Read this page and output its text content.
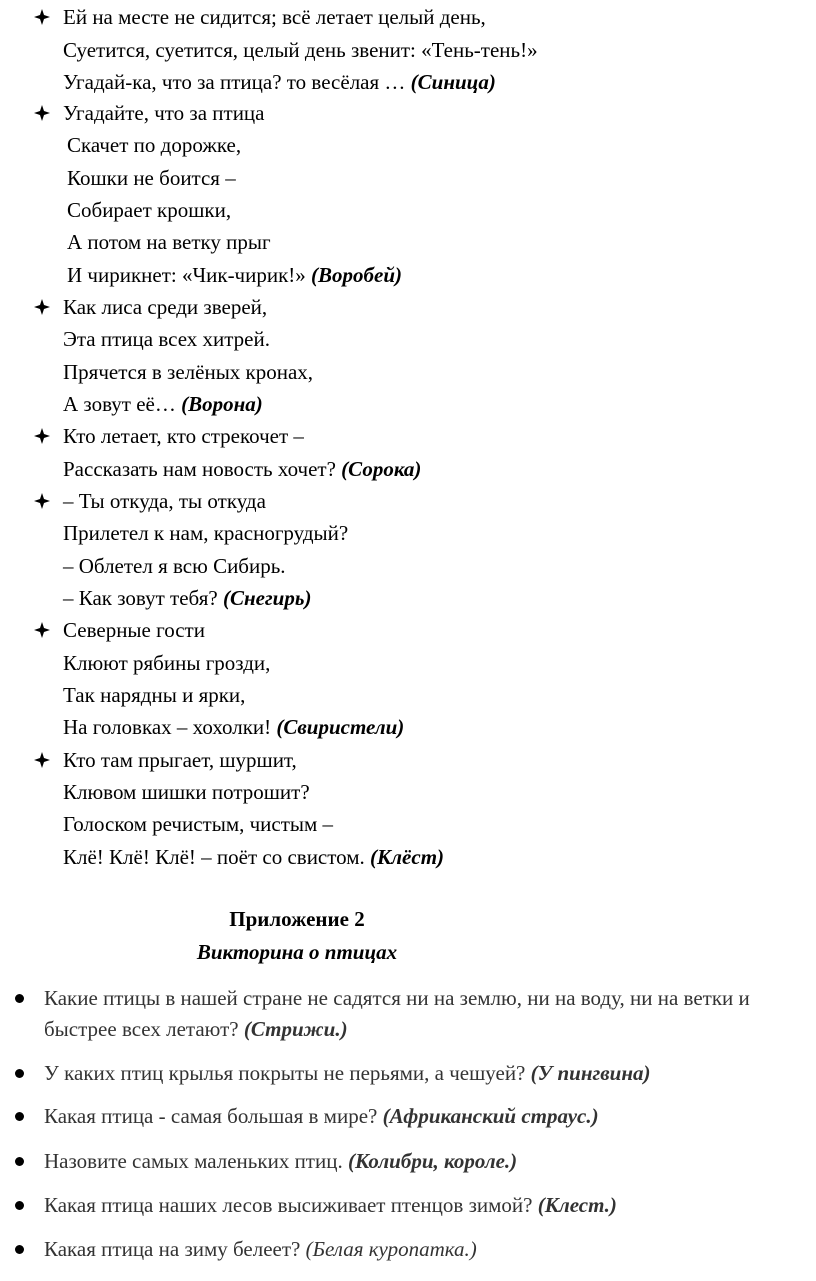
Ей на месте не сидится; всё летает целый день,
Суетится, суетится, целый день звенит: «Тень-тень!»
Угадай-ка, что за птица? то весёлая … (Синица)
Угадайте, что за птица
Скачет по дорожке,
Кошки не боится –
Собирает крошки,
А потом на ветку прыг
И чирикнет: «Чик-чирик!» (Воробей)
Как лиса среди зверей,
Эта птица всех хитрей.
Прячется в зелёных кронах,
А зовут её… (Ворона)
Кто летает, кто стрекочет –
Рассказать нам новость хочет? (Сорока)
– Ты откуда, ты откуда
Прилетел к нам, красногрудый?
– Облетел я всю Сибирь.
– Как зовут тебя? (Снегирь)
Северные гости
Клюют рябины грозди,
Так нарядны и ярки,
На головках – хохолки! (Свиристели)
Кто там прыгает, шуршит,
Клювом шишки потрошит?
Голоском речистым, чистым –
Клё! Клё! Клё! – поёт со свистом. (Клёст)
Приложение 2
Викторина о птицах
Какие птицы в нашей стране не садятся ни на землю, ни на воду, ни на ветки и быстрее всех летают? (Стрижи.)
У каких птиц крылья покрыты не перьями, а чешуей? (У пингвина)
Какая птица - самая большая в мире? (Африканский страус.)
Назовите самых маленьких птиц. (Колибри, короле.)
Какая птица наших лесов высиживает птенцов зимой? (Клест.)
Какая птица на зиму белеет? (Белая куропатка.)
